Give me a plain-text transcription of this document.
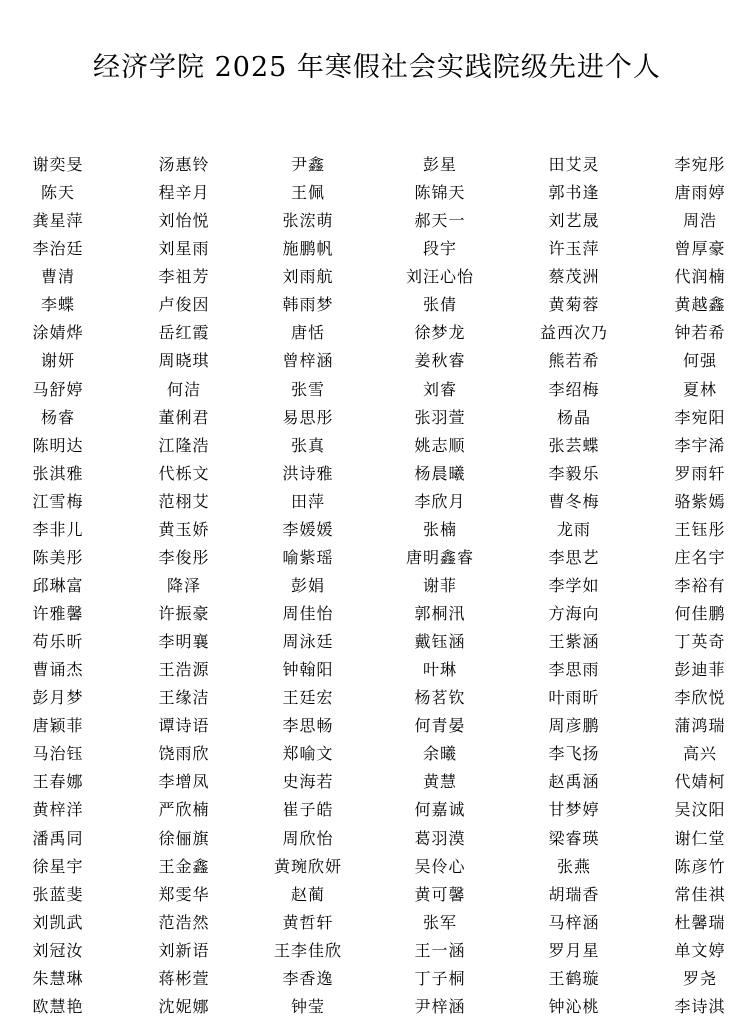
经济学院 2025 年寒假社会实践院级先进个人
谢奕旻	汤惠铃	尹鑫	彭星	田艾灵	李宛彤
陈天	程辛月	王佩	陈锦天	郭书逢	唐雨婷
龚星萍	刘怡悦	张浤萌	郝天一	刘艺晟	周浩
李治廷	刘星雨	施鹏帆	段宇	许玉萍	曾厚豪
曹清	李祖芳	刘雨航	刘汪心怡	蔡茂洲	代润楠
李蝶	卢俊因	韩雨梦	张倩	黄菊蓉	黄越鑫
涂婧烨	岳红霞	唐恬	徐梦龙	益西次乃	钟若希
谢妍	周晓琪	曾梓涵	姜秋睿	熊若希	何强
马舒婷	何洁	张雪	刘睿	李绍梅	夏林
杨睿	董俐君	易思彤	张羽萱	杨晶	李宛阳
陈明达	江隆浩	张真	姚志顺	张芸蝶	李宇浠
张淇雅	代栎文	洪诗雅	杨晨曦	李毅乐	罗雨轩
江雪梅	范栩艾	田萍	李欣月	曹冬梅	骆紫嫣
李非儿	黄玉娇	李媛媛	张楠	龙雨	王钰彤
陈美彤	李俊彤	喻紫瑶	唐明鑫睿	李思艺	庄名宇
邱琳富	降泽	彭娟	谢菲	李学如	李裕有
许雅馨	许振豪	周佳怡	郭桐汛	方海向	何佳鹏
苟乐昕	李明襄	周泳廷	戴钰涵	王紫涵	丁英奇
曹诵杰	王浩源	钟翰阳	叶琳	李思雨	彭迪菲
彭月梦	王缘洁	王廷宏	杨茗钦	叶雨昕	李欣悦
唐颖菲	谭诗语	李思畅	何青晏	周彦鹏	蒲鸿瑞
马治钰	饶雨欣	郑喻文	余曦	李飞扬	高兴
王春娜	李增凤	史海若	黄慧	赵禹涵	代婧柯
黄梓洋	严欣楠	崔子皓	何嘉诚	甘梦婷	吴汶阳
潘禹同	徐俪旗	周欣怡	葛羽漠	梁睿瑛	谢仁堂
徐星宇	王金鑫	黄琬欣妍	吴伶心	张燕	陈彦竹
张蓝斐	郑雯华	赵蔺	黄可馨	胡瑞香	常佳祺
刘凯武	范浩然	黄哲轩	张军	马梓涵	杜馨瑞
刘冠汝	刘新语	王李佳欣	王一涵	罗月星	单文婷
朱慧琳	蒋彬萱	李香逸	丁子桐	王鹤璇	罗尧
欧慧艳	沈妮娜	钟莹	尹梓涵	钟沁桃	李诗淇
